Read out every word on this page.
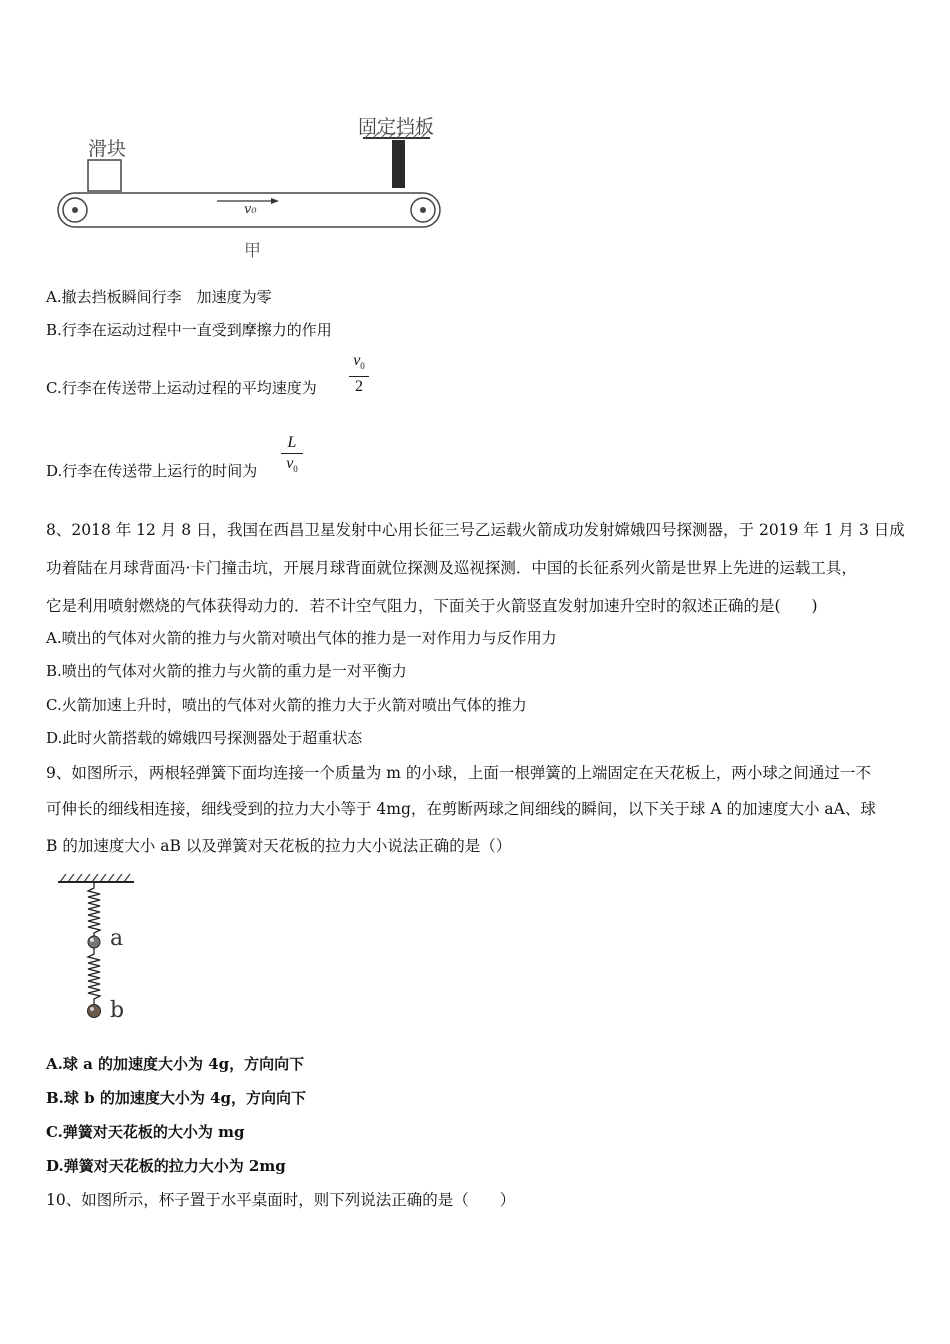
滑块
固定挡板
v₀
甲
A.撤去挡板瞬间行李　加速度为零
B.行李在运动过程中一直受到摩擦力的作用
C.行李在传送带上运动过程的平均速度为
$v_0$
2
D.行李在传送带上运行的时间为
L
$v_0$
8、2018 年 12 月 8 日，我国在西昌卫星发射中心用长征三号乙运载火箭成功发射嫦娥四号探测器，于 2019 年 1 月 3 日成
功着陆在月球背面冯·卡门撞击坑，开展月球背面就位探测及巡视探测．中国的长征系列火箭是世界上先进的运载工具，
它是利用喷射燃烧的气体获得动力的．若不计空气阻力，下面关于火箭竖直发射加速升空时的叙述正确的是(　　)
A.喷出的气体对火箭的推力与火箭对喷出气体的推力是一对作用力与反作用力
B.喷出的气体对火箭的推力与火箭的重力是一对平衡力
C.火箭加速上升时，喷出的气体对火箭的推力大于火箭对喷出气体的推力
D.此时火箭搭载的嫦娥四号探测器处于超重状态
9、如图所示，两根轻弹簧下面均连接一个质量为 m 的小球，上面一根弹簧的上端固定在天花板上，两小球之间通过一不
可伸长的细线相连接，细线受到的拉力大小等于 4mg，在剪断两球之间细线的瞬间，以下关于球 A 的加速度大小 aA、球
B 的加速度大小 aB 以及弹簧对天花板的拉力大小说法正确的是（）
a
b
A.球 a 的加速度大小为 4g，方向向下
B.球 b 的加速度大小为 4g，方向向下
C.弹簧对天花板的大小为 mg
D.弹簧对天花板的拉力大小为 2mg
10、如图所示，杯子置于水平桌面时，则下列说法正确的是（　　）
